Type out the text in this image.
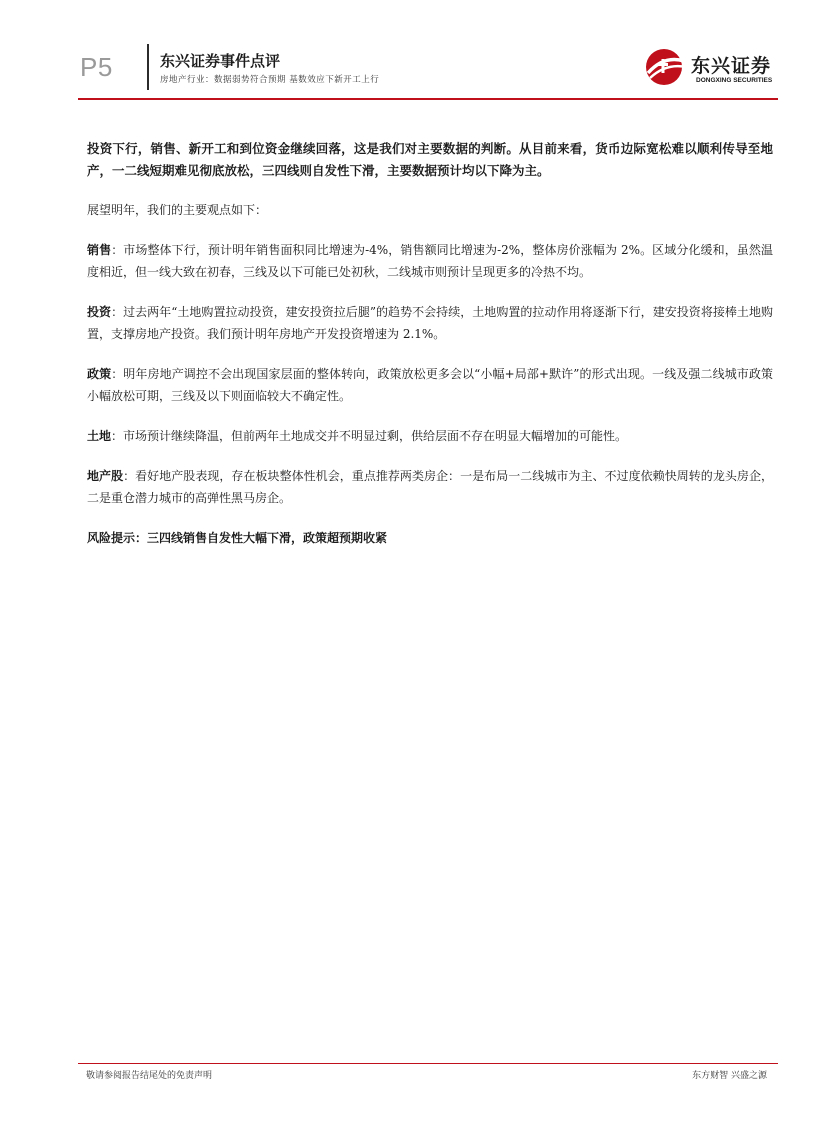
P5	东兴证券事件点评
房地产行业：数据弱势符合预期 基数效应下新开工上行
东兴证券
DONGXING SECURITIES

投资下行，销售、新开工和到位资金继续回落，这是我们对主要数据的判断。从目前来看，货币边际宽松难以顺利传导至地产，一二线短期难见彻底放松，三四线则自发性下滑，主要数据预计均以下降为主。

展望明年，我们的主要观点如下：

销售：市场整体下行，预计明年销售面积同比增速为-4%，销售额同比增速为-2%，整体房价涨幅为 2%。区域分化缓和，虽然温度相近，但一线大致在初春，三线及以下可能已处初秋，二线城市则预计呈现更多的冷热不均。

投资：过去两年“土地购置拉动投资，建安投资拉后腿”的趋势不会持续，土地购置的拉动作用将逐渐下行，建安投资将接棒土地购置，支撑房地产投资。我们预计明年房地产开发投资增速为 2.1%。

政策：明年房地产调控不会出现国家层面的整体转向，政策放松更多会以“小幅+局部+默许”的形式出现。一线及强二线城市政策小幅放松可期，三线及以下则面临较大不确定性。

土地：市场预计继续降温，但前两年土地成交并不明显过剩，供给层面不存在明显大幅增加的可能性。

地产股：看好地产股表现，存在板块整体性机会，重点推荐两类房企：一是布局一二线城市为主、不过度依赖快周转的龙头房企，二是重仓潜力城市的高弹性黑马房企。

风险提示：三四线销售自发性大幅下滑，政策超预期收紧

敬请参阅报告结尾处的免责声明	东方财智 兴盛之源
